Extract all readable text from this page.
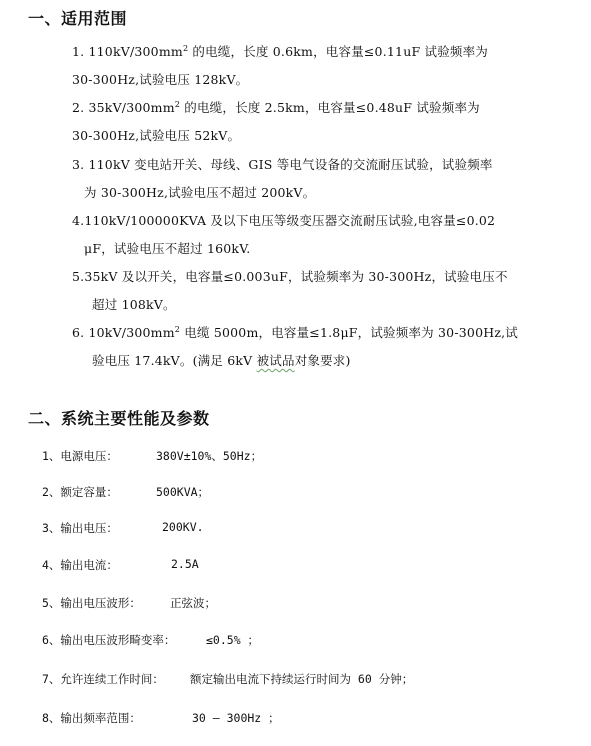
一、适用范围
1. $110kV/300mm^2$ 的电缆，长度 0.6km，电容量≤0.11uF 试验频率为
30-300Hz,试验电压 128kV。
2. $35kV/300mm^2$ 的电缆，长度 2.5km，电容量≤0.48uF 试验频率为
30-300Hz,试验电压 52kV。
3. 110kV 变电站开关、母线、GIS 等电气设备的交流耐压试验，试验频率
为 30-300Hz,试验电压不超过 200kV。
4.110kV/100000KVA 及以下电压等级变压器交流耐压试验,电容量≤0.02
μF，试验电压不超过 160kV.
5.35kV 及以开关，电容量≤0.003uF，试验频率为 30-300Hz，试验电压不
超过 108kV。
6. $10kV/300mm^2$ 电缆 5000m，电容量≤1.8μF，试验频率为 30-300Hz,试
验电压 17.4kV。(满足 6kV 被试品对象要求)
二、系统主要性能及参数
1、电源电压：	380V±10%、50Hz；
2、额定容量：	500KVA；
3、输出电压：	200KV.
4、输出电流：	2.5A
5、输出电压波形：	正弦波；
6、输出电压波形畸变率：	≤0.5% ；
7、允许连续工作时间： 额定输出电流下持续运行时间为 60 分钟；
8、输出频率范围：	30 – 300Hz ；
